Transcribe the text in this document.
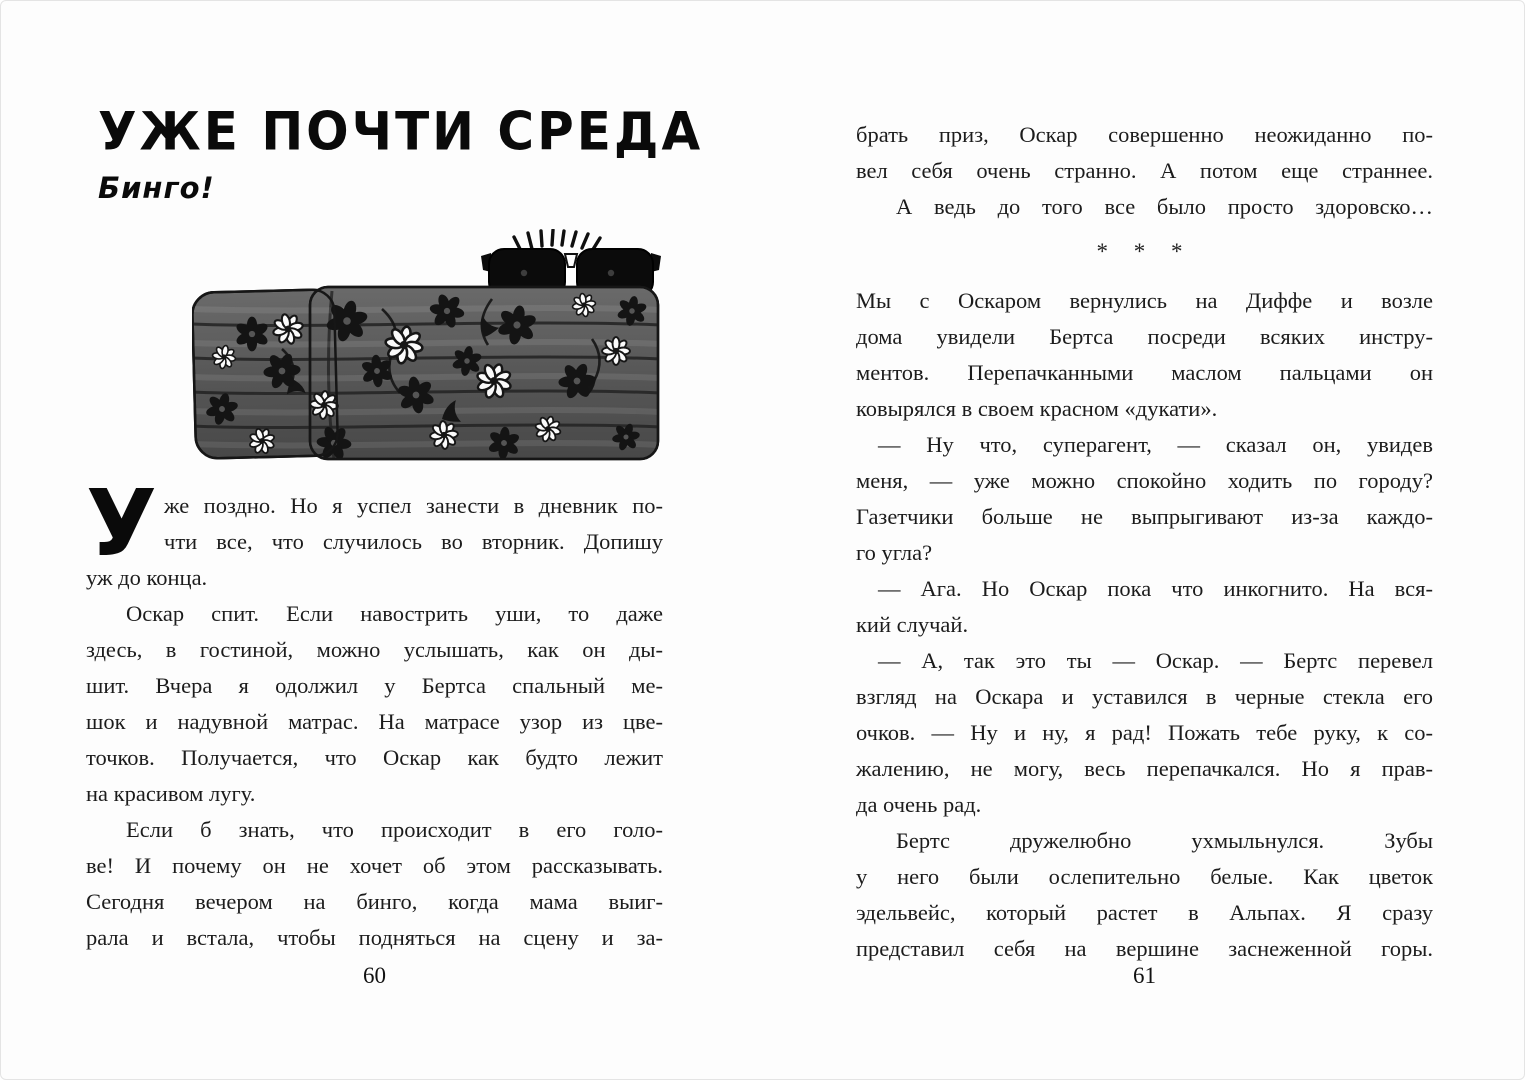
УЖЕ ПОЧТИ СРЕДА
Бинго!
У же поздно. Но я успел занести в дневник по-
чти все, что случилось во вторник. Допишу
уж до конца.
Оскар спит. Если навострить уши, то даже
здесь, в гостиной, можно услышать, как он ды-
шит. Вчера я одолжил у Бертса спальный ме-
шок и надувной матрас. На матрасе узор из цве-
точков. Получается, что Оскар как будто лежит
на красивом лугу.
Если б знать, что происходит в его голо-
ве! И почему он не хочет об этом рассказывать.
Сегодня вечером на бинго, когда мама выиг-
рала и встала, чтобы подняться на сцену и за-
60
брать приз, Оскар совершенно неожиданно по-
вел себя очень странно. А потом еще страннее.
А ведь до того все было просто здоровско…
* * *
Мы с Оскаром вернулись на Диффе и возле
дома увидели Бертса посреди всяких инстру-
ментов. Перепачканными маслом пальцами он
ковырялся в своем красном «дукати».
— Ну что, суперагент, — сказал он, увидев
меня, — уже можно спокойно ходить по городу?
Газетчики больше не выпрыгивают из-за каждо-
го угла?
— Ага. Но Оскар пока что инкогнито. На вся-
кий случай.
— А, так это ты — Оскар. — Бертс перевел
взгляд на Оскара и уставился в черные стекла его
очков. — Ну и ну, я рад! Пожать тебе руку, к со-
жалению, не могу, весь перепачкался. Но я прав-
да очень рад.
Бертс дружелюбно ухмыльнулся. Зубы
у него были ослепительно белые. Как цветок
эдельвейс, который растет в Альпах. Я сразу
представил себя на вершине заснеженной горы.
61
